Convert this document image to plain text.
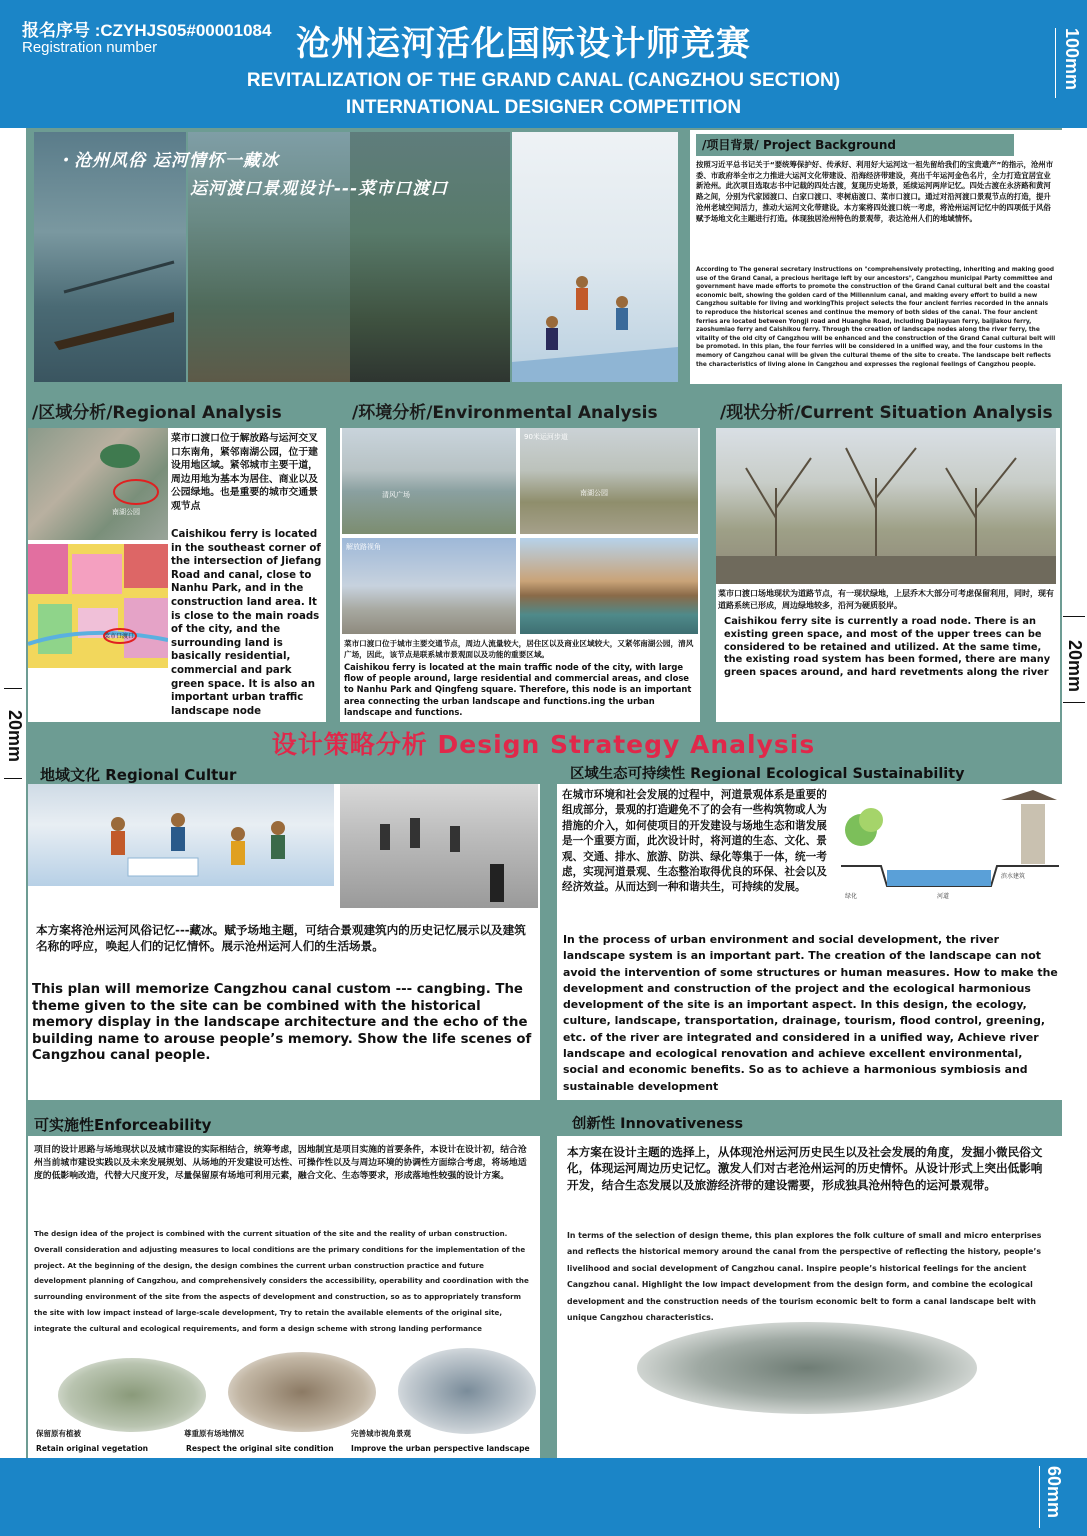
报名序号 :CZYHJS05#00001084
Registration number	沧州运河活化国际设计师竞赛
REVITALIZATION OF THE GRAND CANAL (CANGZHOU SECTION)
INTERNATIONAL DESIGNER COMPETITION
100mm
20mm
20mm
・沧州风俗 运河情怀一藏冰
运河渡口景观设计---菜市口渡口
/项目背景/ Project Background
按照习近平总书记关于“要统筹保护好、传承好、利用好大运河这一祖先留给我们的宝贵遗产”的指示，沧州市委、市政府举全市之力推进大运河文化带建设、沿海经济带建设，亮出千年运河金色名片，全力打造宜居宜业新沧州。此次项目选取志书中记载的四处古渡，复现历史场景，延续运河两岸记忆。四处古渡在永济路和黄河路之间，分别为代家园渡口、白家口渡口、枣树庙渡口、菜市口渡口。通过对沿河渡口景观节点的打造，提升沧州老城空间活力，推动大运河文化带建设。本方案将四处渡口统一考虑，将沧州运河记忆中的四项低于风俗赋予场地文化主题进行打造。体现独居沧州特色的景观带，表达沧州人们的地域情怀。
According to The general secretary instructions on "comprehensively protecting, inheriting and making good use of the Grand Canal, a precious heritage left by our ancestors", Cangzhou municipal Party committee and government have made efforts to promote the construction of the Grand Canal cultural belt and the coastal economic belt, showing the golden card of the Millennium canal, and making every effort to build a new Cangzhou suitable for living and workingThis project selects the four ancient ferries recorded in the annals to reproduce the historical scenes and continue the memory of both sides of the canal. The four ancient ferries are located between Yongji road and Huanghe Road, including Daijiayuan ferry, baijiakou ferry, zaoshumiao ferry and Caishikou ferry. Through the creation of landscape nodes along the river ferry, the vitality of the old city of Cangzhou will be enhanced and the construction of the Grand Canal cultural belt will be promoted. In this plan, the four ferries will be considered in a unified way, and the four customs in the memory of Cangzhou canal will be given the cultural theme of the site to create. The landscape belt reflects the characteristics of living alone in Cangzhou and expresses the regional feelings of Cangzhou people.
/区域分析/Regional Analysis	/环境分析/Environmental Analysis	/现状分析/Current Situation Analysis
南湖公园
菜市口渡口
菜市口渡口位于解放路与运河交叉口东南角，紧邻南湖公园，位于建设用地区域。紧邻城市主要干道，周边用地为基本为居住、商业以及公园绿地。也是重要的城市交通景观节点
Caishikou ferry is located in the southeast corner of the intersection of Jiefang Road and canal, close to Nanhu Park, and in the construction land area. It is close to the main roads of the city, and the surrounding land is basically residential, commercial and park green space. It is also an important urban traffic landscape node
清风广场
90米运河步道
南湖公园
解放路视角
菜市口渡口位于城市主要交通节点，周边人流量较大，居住区以及商业区域较大，又紧邻南湖公园，清风广场，因此，该节点是联系城市景观面以及功能的重要区域。
Caishikou ferry is located at the main traffic node of the city, with large flow of people around, large residential and commercial areas, and close to Nanhu Park and Qingfeng square. Therefore, this node is an important area connecting the urban landscape and functions.ing the urban landscape and functions.
菜市口渡口场地现状为道路节点，有一现状绿地，上层乔木大部分可考虑保留利用，同时，现有道路系统已形成，周边绿地较多，沿河为硬质驳岸。
Caishikou ferry site is currently a road node. There is an existing green space, and most of the upper trees can be considered to be retained and utilized. At the same time, the existing road system has been formed, there are many green spaces around, and hard revetments along the river
设计策略分析 Design Strategy Analysis
地域文化 Regional Cultur
本方案将沧州运河风俗记忆---藏冰。赋予场地主题，可结合景观建筑内的历史记忆展示以及建筑名称的呼应，唤起人们的记忆情怀。展示沧州运河人们的生活场景。
This plan will memorize Cangzhou canal custom --- cangbing. The theme given to the site can be combined with the historical memory display in the landscape architecture and the echo of the building name to arouse people’s memory. Show the life scenes of Cangzhou canal people.
区域生态可持续性 Regional Ecological Sustainability
在城市环境和社会发展的过程中，河道景观体系是重要的组成部分，景观的打造避免不了的会有一些构筑物或人为措施的介入，如何使项目的开发建设与场地生态和谐发展是一个重要方面，此次设计时，将河道的生态、文化、景观、交通、排水、旅游、防洪、绿化等集于一体，统一考虑，实现河道景观、生态整治取得优良的环保、社会以及经济效益。从而达到一种和谐共生，可持续的发展。
绿化	河道
滨水建筑
In the process of urban environment and social development, the river landscape system is an important part. The creation of the landscape can not avoid the intervention of some structures or human measures. How to make the development and construction of the project and the ecological harmonious development of the site is an important aspect. In this design, the ecology, culture, landscape, transportation, drainage, tourism, flood control, greening, etc. of the river are integrated and considered in a unified way, Achieve river landscape and ecological renovation and achieve excellent environmental, social and economic benefits. So as to achieve a harmonious symbiosis and sustainable development
可实施性Enforceability
项目的设计思路与场地现状以及城市建设的实际相结合，统筹考虑，因地制宜是项目实施的首要条件，本设计在设计初，结合沧州当前城市建设实践以及未来发展规划、从场地的开发建设可达性、可操作性以及与周边环境的协调性方面综合考虑，将场地适度的低影响改造，代替大尺度开发，尽量保留原有场地可利用元素，融合文化、生态等要求，形成落地性较强的设计方案。
The design idea of the project is combined with the current situation of the site and the reality of urban construction. Overall consideration and adjusting measures to local conditions are the primary conditions for the implementation of the project. At the beginning of the design, the design combines the current urban construction practice and future development planning of Cangzhou, and comprehensively considers the accessibility, operability and coordination with the surrounding environment of the site from the aspects of development and construction, so as to appropriately transform the site with low impact instead of large-scale development, Try to retain the available elements of the original site, integrate the cultural and ecological requirements, and form a design scheme with strong landing performance
保留原有植被
Retain original vegetation
尊重原有场地情况
Respect the original site condition
完善城市视角景观
Improve the urban perspective landscape
创新性 Innovativeness
本方案在设计主题的选择上，从体现沧州运河历史民生以及社会发展的角度，发掘小微民俗文化，体现运河周边历史记忆。激发人们对古老沧州运河的历史情怀。从设计形式上突出低影响开发，结合生态发展以及旅游经济带的建设需要，形成独具沧州特色的运河景观带。
In terms of the selection of design theme, this plan explores the folk culture of small and micro enterprises and reflects the historical memory around the canal from the perspective of reflecting the history, people’s livelihood and social development of Cangzhou canal. Inspire people’s historical feelings for the ancient Cangzhou canal. Highlight the low impact development from the design form, and combine the ecological development and the construction needs of the tourism economic belt to form a canal landscape belt with unique Cangzhou characteristics.
60mm
